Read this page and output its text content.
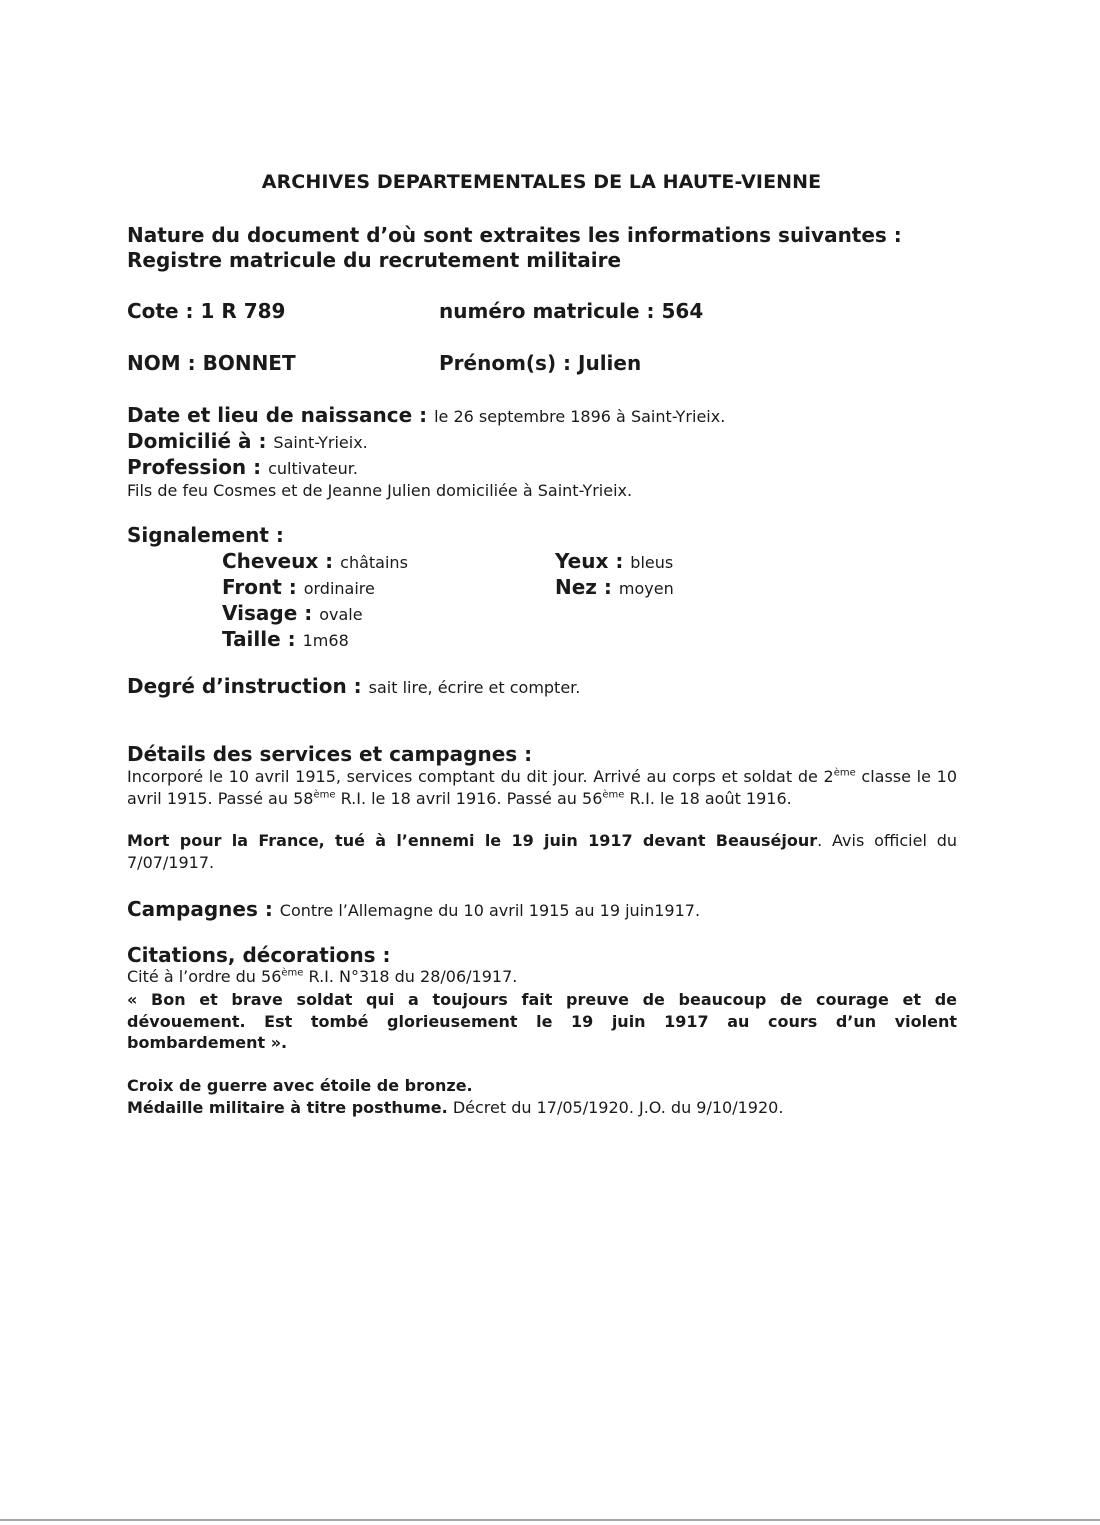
ARCHIVES DEPARTEMENTALES DE LA HAUTE-VIENNE
Nature du document d’où sont extraites les informations suivantes :
Registre matricule du recrutement militaire
Cote : 1 R 789	numéro matricule : 564
NOM : BONNET	Prénom(s) : Julien
Date et lieu de naissance : le 26 septembre 1896 à Saint-Yrieix.
Domicilié à : Saint-Yrieix.
Profession : cultivateur.
Fils de feu Cosmes et de Jeanne Julien domiciliée à Saint-Yrieix.
Signalement :
Cheveux : châtains	Yeux : bleus
Front : ordinaire	Nez : moyen
Visage : ovale
Taille : 1m68
Degré d’instruction : sait lire, écrire et compter.
Détails des services et campagnes :
Incorporé le 10 avril 1915, services comptant du dit jour. Arrivé au corps et soldat de 2ème classe le 10 avril 1915. Passé au 58ème R.I. le 18 avril 1916. Passé au 56ème R.I. le 18 août 1916.
Mort pour la France, tué à l’ennemi le 19 juin 1917 devant Beauséjour. Avis officiel du 7/07/1917.
Campagnes : Contre l’Allemagne du 10 avril 1915 au 19 juin1917.
Citations, décorations :
Cité à l’ordre du 56ème R.I. N°318 du 28/06/1917.
« Bon et brave soldat qui a toujours fait preuve de beaucoup de courage et de dévouement. Est tombé glorieusement le 19 juin 1917 au cours d’un violent bombardement ».
Croix de guerre avec étoile de bronze.
Médaille militaire à titre posthume. Décret du 17/05/1920. J.O. du 9/10/1920.
